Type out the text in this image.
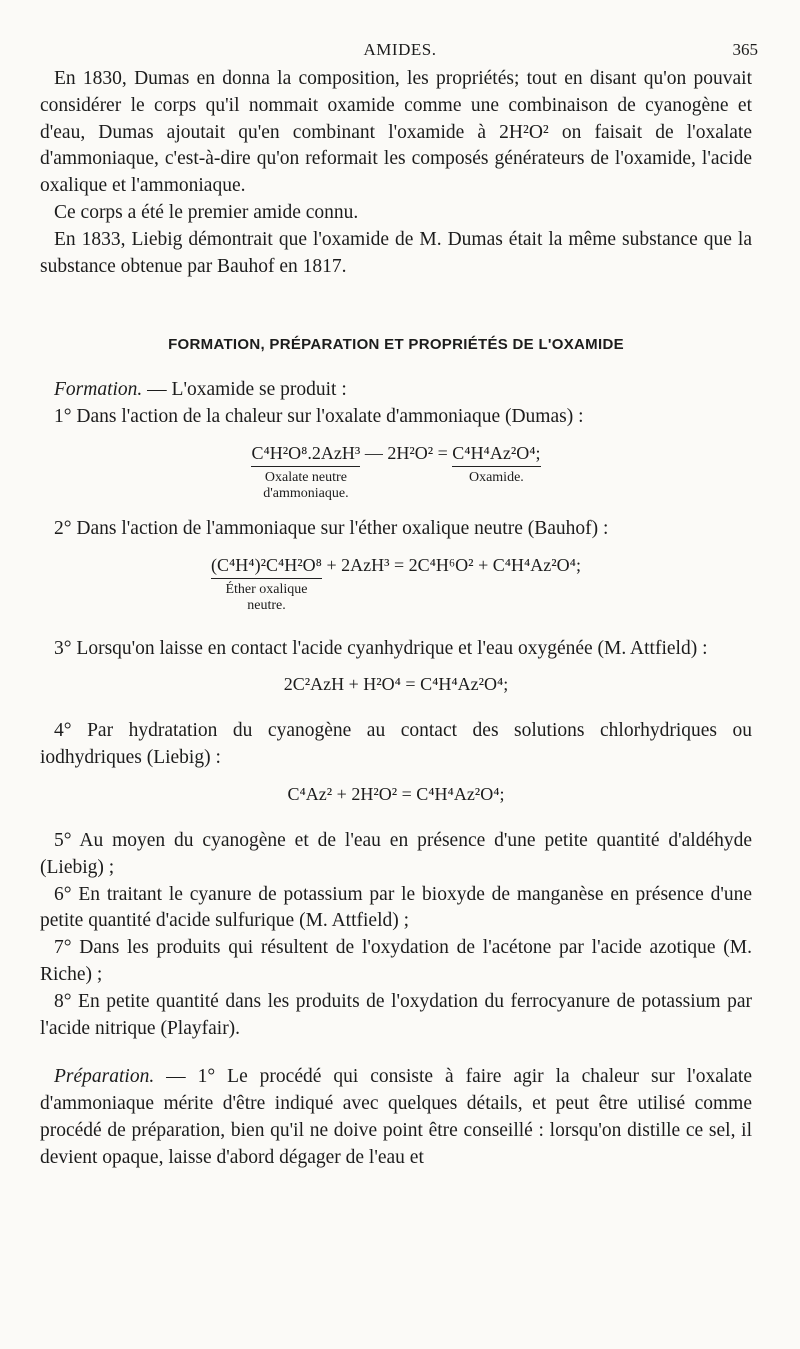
AMIDES.	365

En 1830, Dumas en donna la composition, les propriétés; tout en disant qu'on pouvait considérer le corps qu'il nommait oxamide comme une combinaison de cyanogène et d'eau, Dumas ajoutait qu'en combinant l'oxamide à 2H²O² on faisait de l'oxalate d'ammoniaque, c'est-à-dire qu'on reformait les composés générateurs de l'oxamide, l'acide oxalique et l'ammoniaque.

Ce corps a été le premier amide connu.

En 1833, Liebig démontrait que l'oxamide de M. Dumas était la même substance que la substance obtenue par Bauhof en 1817.

FORMATION, PRÉPARATION ET PROPRIÉTÉS DE L'OXAMIDE

Formation. — L'oxamide se produit :

1° Dans l'action de la chaleur sur l'oxalate d'ammoniaque (Dumas) :

C⁴H²O⁸.2AzH³
Oxalate neutre
d'ammoniaque.
— 2H²O² = C⁴H⁴Az²O⁴;
Oxamide.

2° Dans l'action de l'ammoniaque sur l'éther oxalique neutre (Bauhof) :

(C⁴H⁴)²C⁴H²O⁸
Éther oxalique
neutre.
+ 2AzH³ = 2C⁴H⁶O² + C⁴H⁴Az²O⁴;

3° Lorsqu'on laisse en contact l'acide cyanhydrique et l'eau oxygénée (M. Attfield) :

2C²AzH + H²O⁴ = C⁴H⁴Az²O⁴;

4° Par hydratation du cyanogène au contact des solutions chlorhydriques ou iodhydriques (Liebig) :

C⁴Az² + 2H²O² = C⁴H⁴Az²O⁴;

5° Au moyen du cyanogène et de l'eau en présence d'une petite quantité d'aldéhyde (Liebig) ;

6° En traitant le cyanure de potassium par le bioxyde de manganèse en présence d'une petite quantité d'acide sulfurique (M. Attfield) ;

7° Dans les produits qui résultent de l'oxydation de l'acétone par l'acide azotique (M. Riche) ;

8° En petite quantité dans les produits de l'oxydation du ferrocyanure de potassium par l'acide nitrique (Playfair).

Préparation. — 1° Le procédé qui consiste à faire agir la chaleur sur l'oxalate d'ammoniaque mérite d'être indiqué avec quelques détails, et peut être utilisé comme procédé de préparation, bien qu'il ne doive point être conseillé : lorsqu'on distille ce sel, il devient opaque, laisse d'abord dégager de l'eau et
